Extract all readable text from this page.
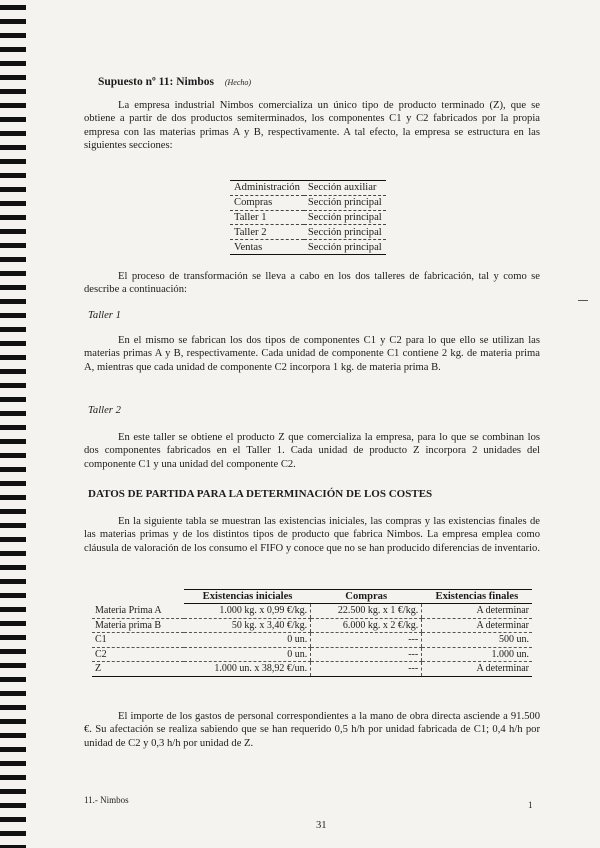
Supuesto nº 11: Nimbos (Hecho)

La empresa industrial Nimbos comercializa un único tipo de producto terminado (Z), que se obtiene a partir de dos productos semiterminados, los componentes C1 y C2 fabricados por la propia empresa con las materias primas A y B, respectivamente. A tal efecto, la empresa se estructura en las siguientes secciones:

Administración	Sección auxiliar
Compras	Sección principal
Taller 1	Sección principal
Taller 2	Sección principal
Ventas	Sección principal

El proceso de transformación se lleva a cabo en los dos talleres de fabricación, tal y como se describe a continuación:

Taller 1

En el mismo se fabrican los dos tipos de componentes C1 y C2 para lo que ello se utilizan las materias primas A y B, respectivamente. Cada unidad de componente C1 contiene 2 kg. de materia prima A, mientras que cada unidad de componente C2 incorpora 1 kg. de materia prima B.

Taller 2

En este taller se obtiene el producto Z que comercializa la empresa, para lo que se combinan los dos componentes fabricados en el Taller 1. Cada unidad de producto Z incorpora 2 unidades del componente C1 y una unidad del componente C2.

DATOS DE PARTIDA PARA LA DETERMINACIÓN DE LOS COSTES

En la siguiente tabla se muestran las existencias iniciales, las compras y las existencias finales de las materias primas y de los distintos tipos de producto que fabrica Nimbos. La empresa emplea como cláusula de valoración de los consumo el FIFO y conoce que no se han producido diferencias de inventario.

	Existencias iniciales	Compras	Existencias finales
Materia Prima A	1.000 kg. x 0,99 €/kg.	22.500 kg. x 1 €/kg.	A determinar
Materia prima B	50 kg. x 3,40 €/kg.	6.000 kg. x 2 €/kg.	A determinar
C1	0 un.	---	500 un.
C2	0 un.	---	1.000 un.
Z	1.000 un. x 38,92 €/un.	---	A determinar

El importe de los gastos de personal correspondientes a la mano de obra directa asciende a 91.500 €. Su afectación se realiza sabiendo que se han requerido 0,5 h/h por unidad fabricada de C1; 0,4 h/h por unidad de C2 y 0,3 h/h por unidad de Z.

11.- Nimbos	1
31
